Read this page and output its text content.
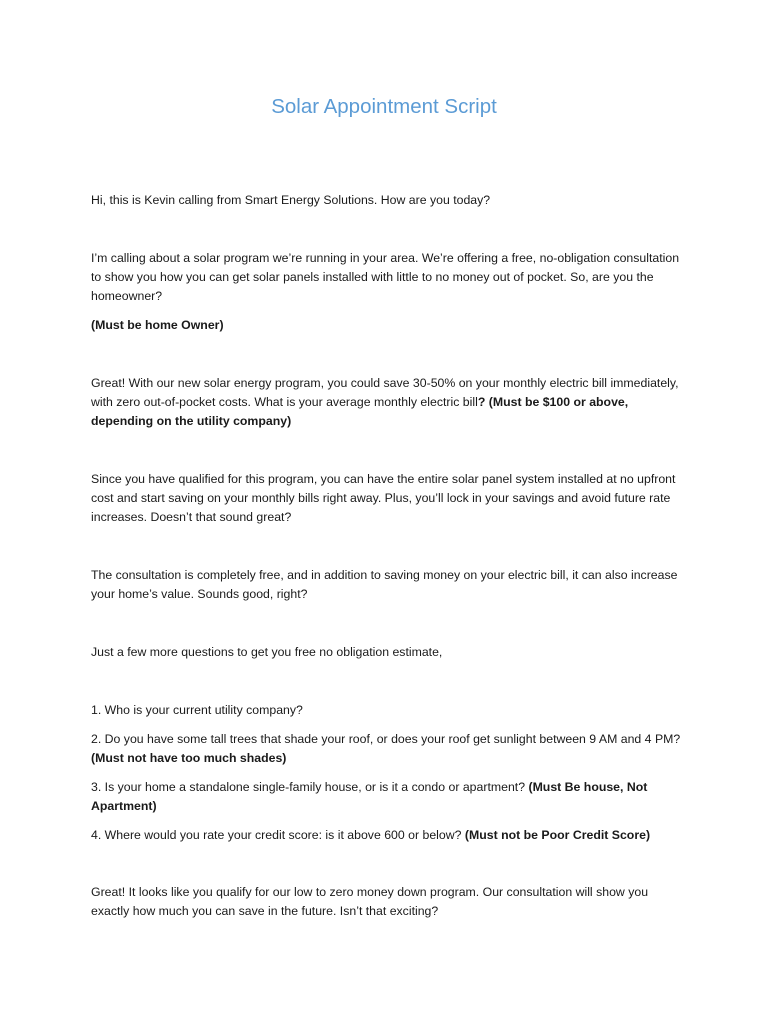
Solar Appointment Script

Hi, this is Kevin calling from Smart Energy Solutions. How are you today?

I’m calling about a solar program we’re running in your area. We’re offering a free, no-obligation consultation to show you how you can get solar panels installed with little to no money out of pocket. So, are you the homeowner?

(Must be home Owner)

Great! With our new solar energy program, you could save 30-50% on your monthly electric bill immediately, with zero out-of-pocket costs. What is your average monthly electric bill? (Must be $100 or above, depending on the utility company)

Since you have qualified for this program, you can have the entire solar panel system installed at no upfront cost and start saving on your monthly bills right away. Plus, you’ll lock in your savings and avoid future rate increases. Doesn’t that sound great?

The consultation is completely free, and in addition to saving money on your electric bill, it can also increase your home’s value. Sounds good, right?

Just a few more questions to get you free no obligation estimate,

1. Who is your current utility company?

2. Do you have some tall trees that shade your roof, or does your roof get sunlight between 9 AM and 4 PM? (Must not have too much shades)

3. Is your home a standalone single-family house, or is it a condo or apartment? (Must Be house, Not Apartment)

4. Where would you rate your credit score: is it above 600 or below? (Must not be Poor Credit Score)

Great! It looks like you qualify for our low to zero money down program. Our consultation will show you exactly how much you can save in the future. Isn’t that exciting?
